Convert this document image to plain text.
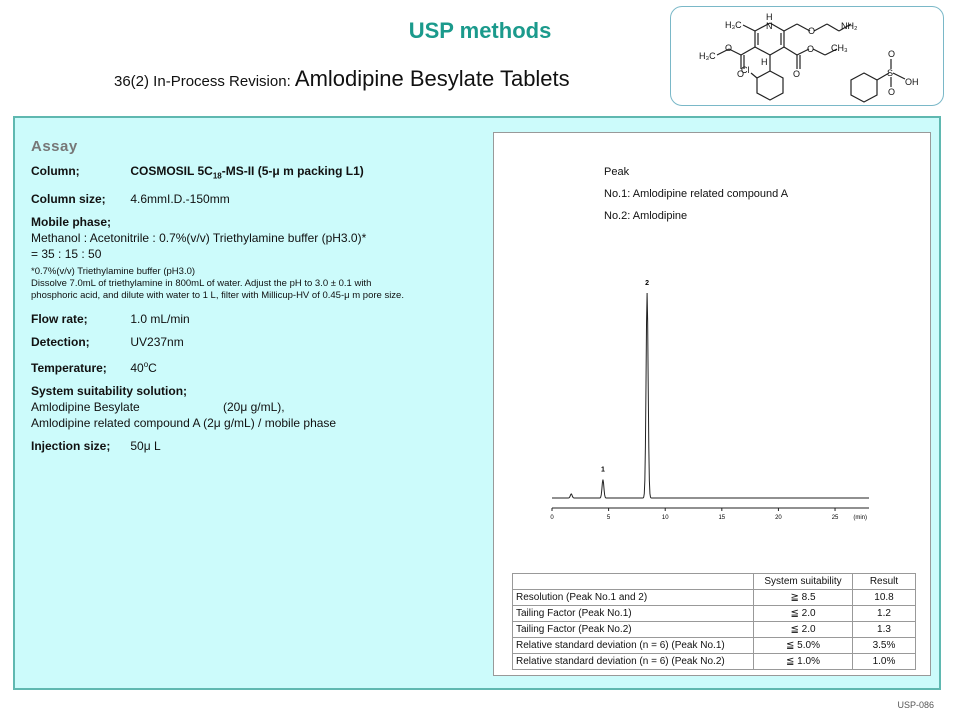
USP methods
36(2) In-Process Revision: Amlodipine Besylate Tablets
H
N
H₃C	NH₂
O
O
O
H₃C
CH₃
O
O
O
H
Cl	S
O
OH
Assay
Column;	COSMOSIL $5C_{18}-MS-II$ (5-μ m packing L1)
Column size; 4.6mmI.D.-150mm
Mobile phase;
Methanol : Acetonitrile : 0.7%(v/v) Triethylamine buffer (pH3.0)*
= 35 : 15 : 50
*0.7%(v/v) Triethylamine buffer (pH3.0)
Dissolve 7.0mL of triethylamine in 800mL of water. Adjust the pH to 3.0 ± 0.1 with
phosphoric acid, and dilute with water to 1 L, filter with Millicup-HV of 0.45-μ m pore size.
Flow rate;	1.0 mL/min
Detection;	UV237nm
Temperature; 40$^o$C
System suitability solution;
Amlodipine Besylate	(20μ g/mL),
Amlodipine related compound A (2μ g/mL) / mobile phase
Injection size; 50μ L
Peak
No.1: Amlodipine related compound A
No.2: Amlodipine
0	5	10	15	20	25 (min)
1
2
	System suitability	Result
Resolution (Peak No.1 and 2)	≧ 8.5	10.8
Tailing Factor (Peak No.1)	≦ 2.0	1.2
Tailing Factor (Peak No.2)	≦ 2.0	1.3
Relative standard deviation (n = 6) (Peak No.1)	≦ 5.0%	3.5%
Relative standard deviation (n = 6) (Peak No.2)	≦ 1.0%	1.0%
USP-086
